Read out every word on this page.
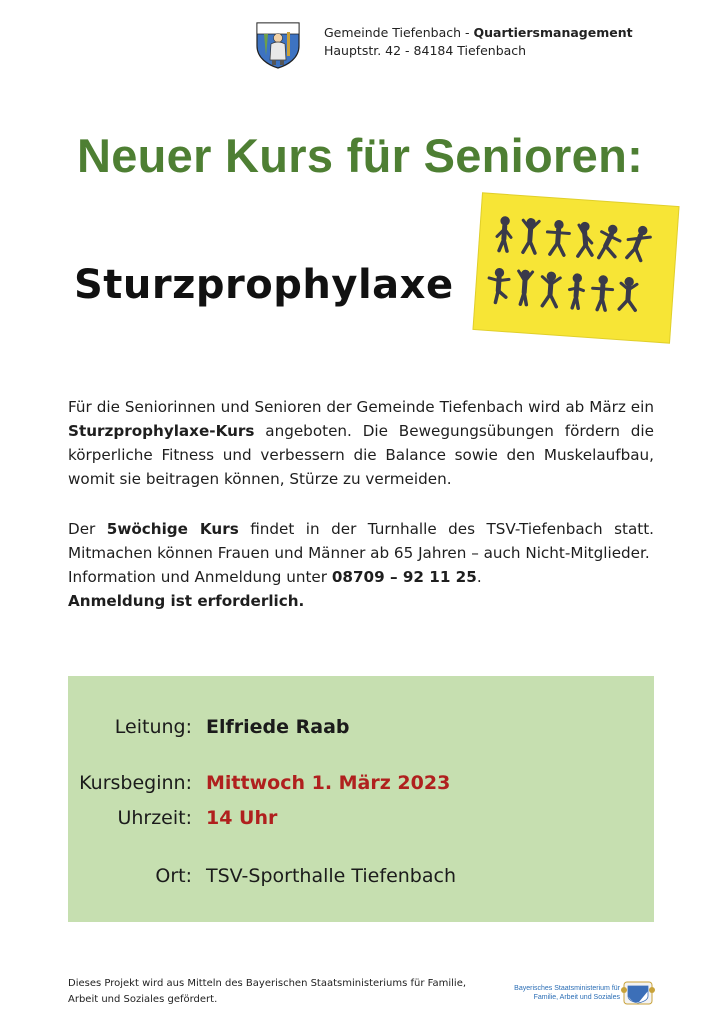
Gemeinde Tiefenbach - Quartiersmanagement
Hauptstr. 42 - 84184 Tiefenbach
Neuer Kurs für Senioren:
Sturzprophylaxe

Für die Seniorinnen und Senioren der Gemeinde Tiefenbach wird ab März ein Sturzprophylaxe-Kurs angeboten. Die Bewegungsübungen fördern die körperliche Fitness und verbessern die Balance sowie den Muskelaufbau, womit sie beitragen können, Stürze zu vermeiden.

Der 5wöchige Kurs findet in der Turnhalle des TSV-Tiefenbach statt. Mitmachen können Frauen und Männer ab 65 Jahren – auch Nicht-Mitglieder.
Information und Anmeldung unter 08709 – 92 11 25.
Anmeldung ist erforderlich.
Leitung: Elfriede Raab
Kursbeginn: Mittwoch 1. März 2023
Uhrzeit: 14 Uhr
Ort: TSV-Sporthalle Tiefenbach
Dieses Projekt wird aus Mitteln des Bayerischen Staatsministeriums für Familie, Arbeit und Soziales gefördert.
Bayerisches Staatsministerium für
Familie, Arbeit und Soziales
